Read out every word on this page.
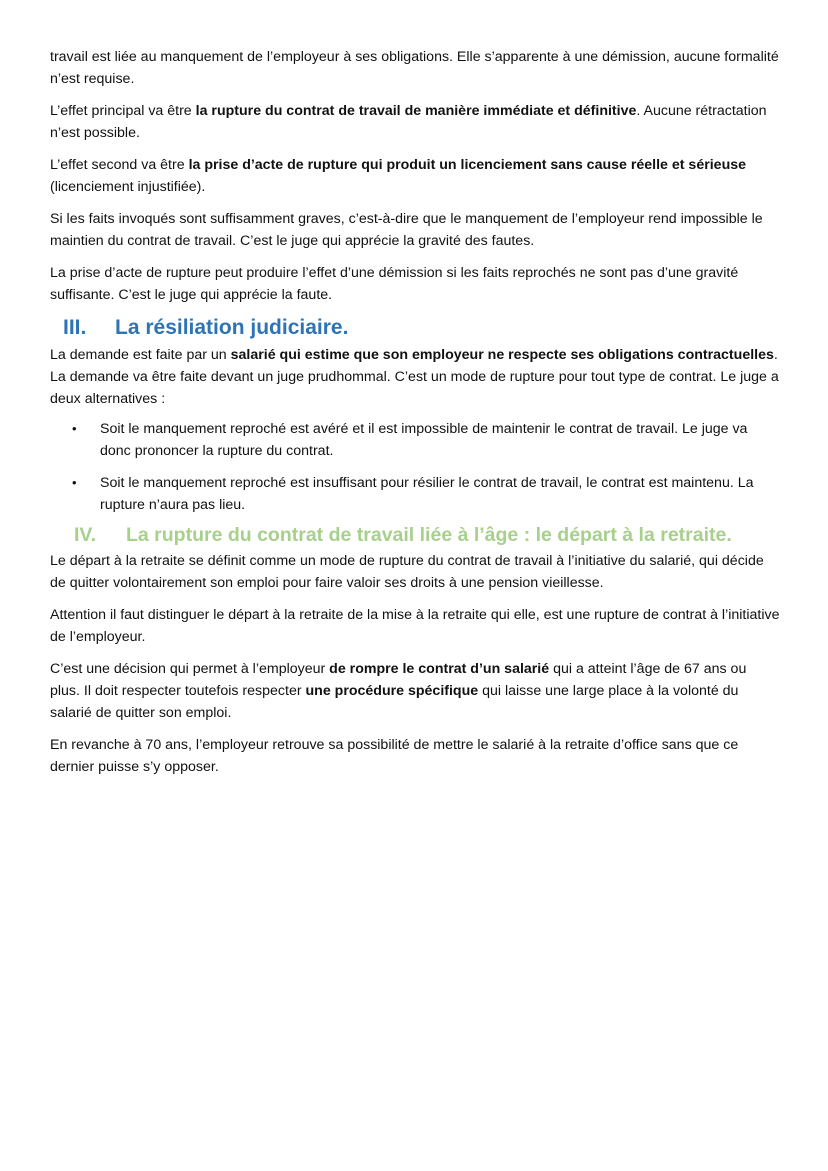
travail est liée au manquement de l’employeur à ses obligations. Elle s’apparente à une démission, aucune formalité n’est requise.

L’effet principal va être la rupture du contrat de travail de manière immédiate et définitive. Aucune rétractation n’est possible.

L’effet second va être la prise d’acte de rupture qui produit un licenciement sans cause réelle et sérieuse (licenciement injustifiée).

Si les faits invoqués sont suffisamment graves, c’est-à-dire que le manquement de l’employeur rend impossible le maintien du contrat de travail. C’est le juge qui apprécie la gravité des fautes.

La prise d’acte de rupture peut produire l’effet d’une démission si les faits reprochés ne sont pas d’une gravité suffisante. C’est le juge qui apprécie la faute.

III.	La résiliation judiciaire.

La demande est faite par un salarié qui estime que son employeur ne respecte ses obligations contractuelles. La demande va être faite devant un juge prudhommal. C’est un mode de rupture pour tout type de contrat. Le juge a deux alternatives :

• Soit le manquement reproché est avéré et il est impossible de maintenir le contrat de travail. Le juge va donc prononcer la rupture du contrat.
• Soit le manquement reproché est insuffisant pour résilier le contrat de travail, le contrat est maintenu. La rupture n’aura pas lieu.
IV.	La rupture du contrat de travail liée à l’âge : le départ à la retraite.

Le départ à la retraite se définit comme un mode de rupture du contrat de travail à l’initiative du salarié, qui décide de quitter volontairement son emploi pour faire valoir ses droits à une pension vieillesse.

Attention il faut distinguer le départ à la retraite de la mise à la retraite qui elle, est une rupture de contrat à l’initiative de l’employeur.

C’est une décision qui permet à l’employeur de rompre le contrat d’un salarié qui a atteint l’âge de 67 ans ou plus. Il doit respecter toutefois respecter une procédure spécifique qui laisse une large place à la volonté du salarié de quitter son emploi.

En revanche à 70 ans, l’employeur retrouve sa possibilité de mettre le salarié à la retraite d’office sans que ce dernier puisse s’y opposer.
